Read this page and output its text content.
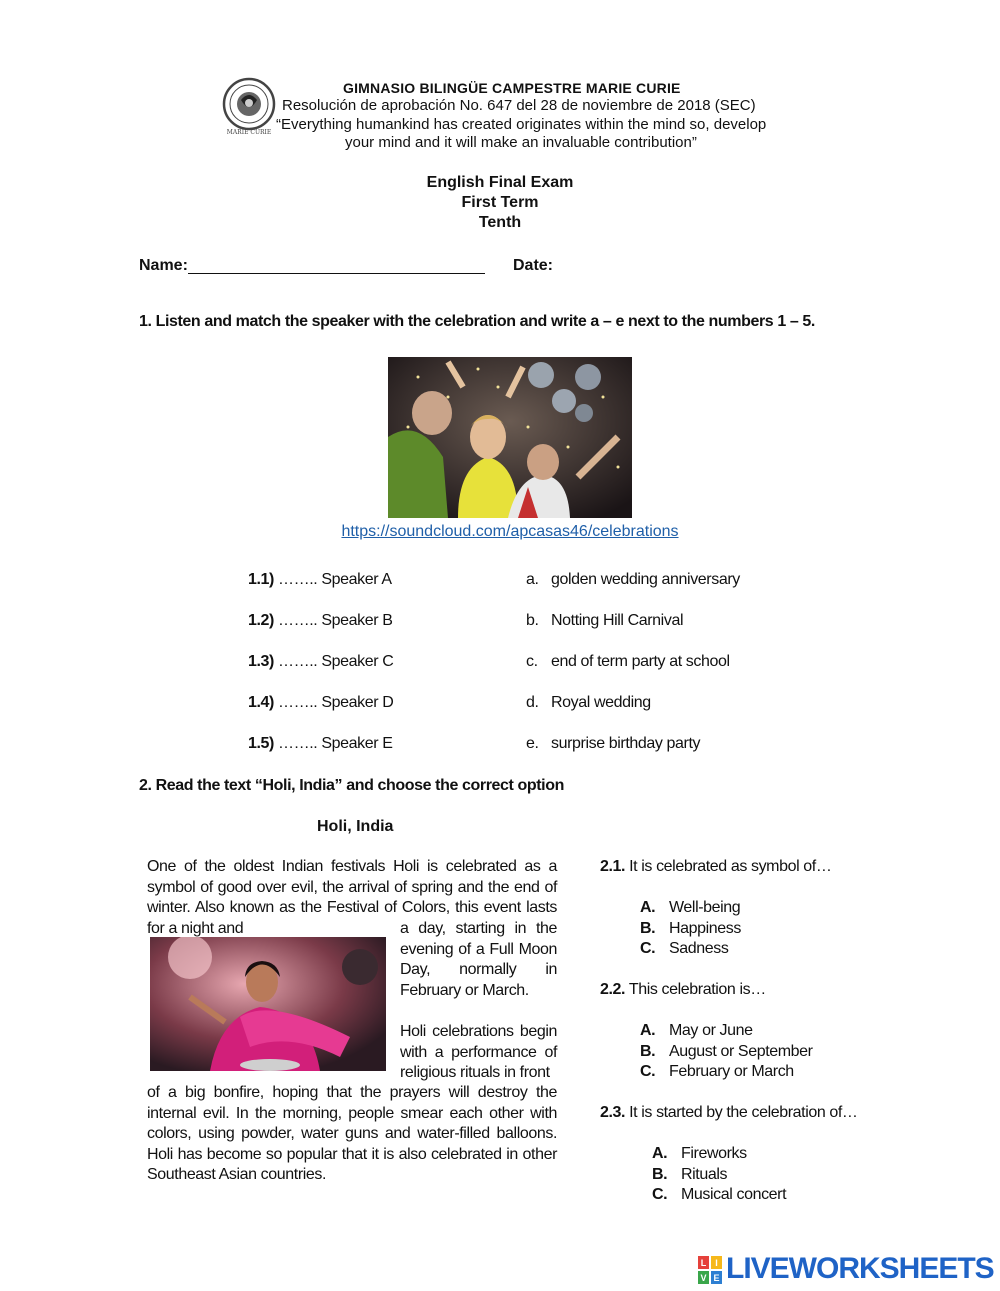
MARIE CURIE
GIMNASIO BILINGÜE CAMPESTRE MARIE CURIE
Resolución de aprobación No. 647 del 28 de noviembre de 2018 (SEC)
“Everything humankind has created originates within the mind so, develop
your mind and it will make an invaluable contribution”
English Final Exam
First Term
Tenth
Name:	Date:
1. Listen and match the speaker with the celebration and write a – e next to the numbers 1 – 5.
https://soundcloud.com/apcasas46/celebrations
1.1) …….. Speaker A	a. golden wedding anniversary
1.2) …….. Speaker B	b. Notting Hill Carnival
1.3) …….. Speaker C	c. end of term party at school
1.4) …….. Speaker D	d. Royal wedding
1.5) …….. Speaker E	e. surprise birthday party
2. Read the text “Holi, India” and choose the correct option
Holi, India
One of the oldest Indian festivals Holi is celebrated as a symbol of good over evil, the arrival of spring and the end of winter. Also known as the Festival of Colors, this event lasts for a night and	a day, starting in the evening of a Full Moon Day, normally in February or March.
Holi celebrations begin with a performance of religious rituals in front
of a big bonfire, hoping that the prayers will destroy the internal evil. In the morning, people smear each other with colors, using powder, water guns and water-filled balloons. Holi has become so popular that it is also celebrated in other Southeast Asian countries.
2.1. It is celebrated as symbol of…
A. Well-being
B. Happiness
C. Sadness
2.2. This celebration is…
A. May or June
B. August or September
C. February or March
2.3. It is started by the celebration of…
A. Fireworks
B. Rituals
C. Musical concert
L I
V E LIVEWORKSHEETS
